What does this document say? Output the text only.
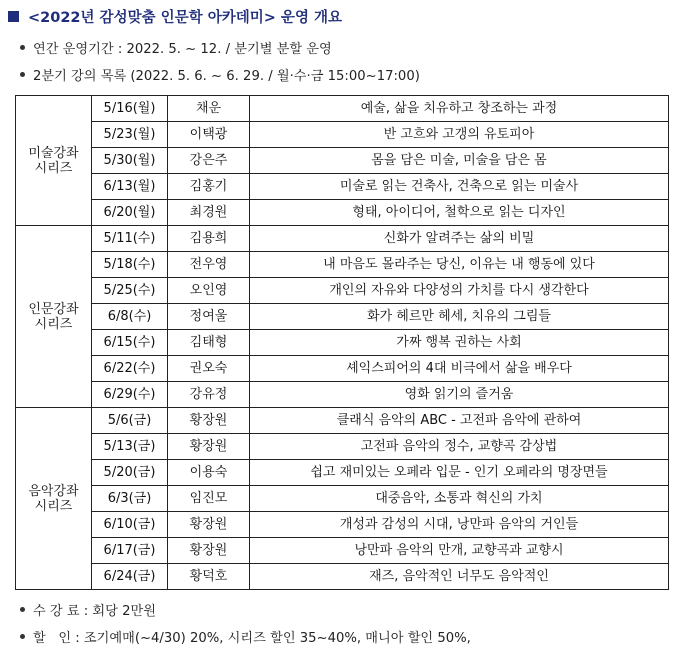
<2022년 감성맞춤 인문학 아카데미> 운영 개요
연간 운영기간 : 2022. 5. ~ 12. / 분기별 분할 운영
2분기 강의 목록 (2022. 5. 6. ~ 6. 29. / 월·수·금 15:00~17:00)
미술강좌
시리즈	5/16(월)	채운	예술, 삶을 치유하고 창조하는 과정
	5/23(월)	이택광	반 고흐와 고갱의 유토피아
	5/30(월)	강은주	몸을 담은 미술, 미술을 담은 몸
	6/13(월)	김홍기	미술로 읽는 건축사, 건축으로 읽는 미술사
	6/20(월)	최경원	형태, 아이디어, 철학으로 읽는 디자인

인문강좌
시리즈	5/11(수)	김용희	신화가 알려주는 삶의 비밀
	5/18(수)	전우영	내 마음도 몰라주는 당신, 이유는 내 행동에 있다
	5/25(수)	오인영	개인의 자유와 다양성의 가치를 다시 생각한다
	6/8(수)	정여울	화가 헤르만 헤세, 치유의 그림들
	6/15(수)	김태형	가짜 행복 권하는 사회
	6/22(수)	권오숙	셰익스피어의 4대 비극에서 삶을 배우다
	6/29(수)	강유정	영화 읽기의 즐거움

음악강좌
시리즈	5/6(금)	황장원	클래식 음악의 ABC - 고전파 음악에 관하여
	5/13(금)	황장원	고전파 음악의 정수, 교향곡 감상법
	5/20(금)	이용숙	쉽고 재미있는 오페라 입문 - 인기 오페라의 명장면들
	6/3(금)	임진모	대중음악, 소통과 혁신의 가치
	6/10(금)	황장원	개성과 감성의 시대, 낭만파 음악의 거인들
	6/17(금)	황장원	낭만파 음악의 만개, 교향곡과 교향시
	6/24(금)	황덕호	재즈, 음악적인 너무도 음악적인
수 강 료 : 회당 2만원
할   인 : 조기예매(~4/30) 20%, 시리즈 할인 35~40%, 매니아 할인 50%,
